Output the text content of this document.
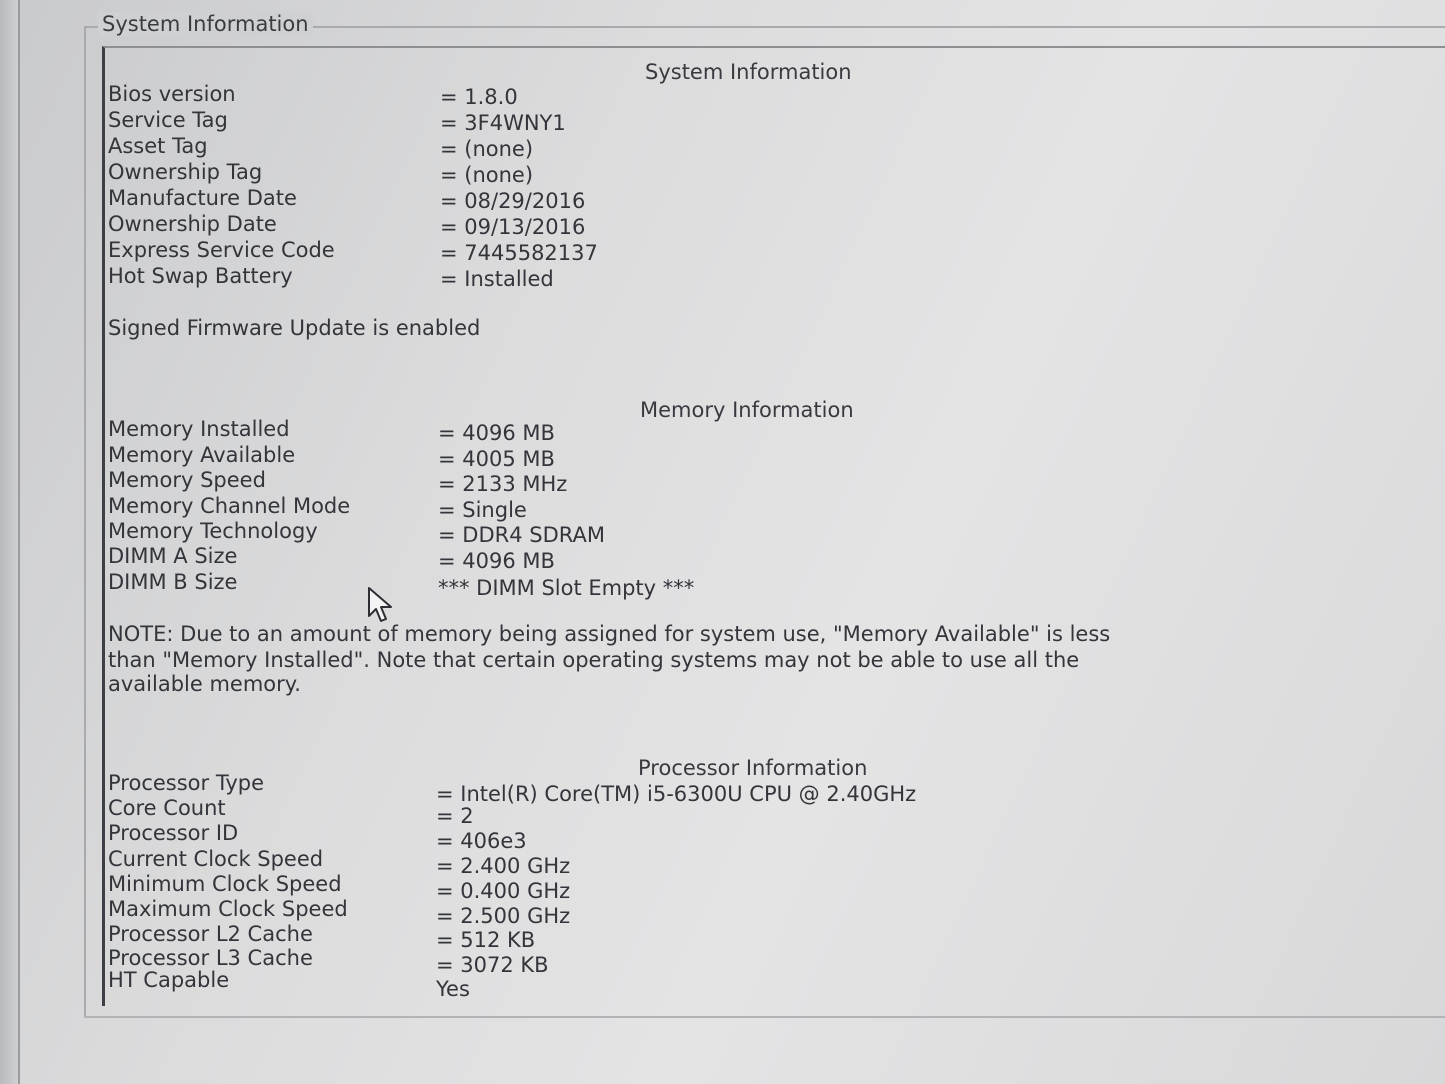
System Information
System Information
Bios version	= 1.8.0
Service Tag	= 3F4WNY1
Asset Tag	= (none)
Ownership Tag	= (none)
Manufacture Date	= 08/29/2016
Ownership Date	= 09/13/2016
Express Service Code	= 7445582137
Hot Swap Battery	= Installed
Signed Firmware Update is enabled
Memory Information
Memory Installed	= 4096 MB
Memory Available	= 4005 MB
Memory Speed	= 2133 MHz
Memory Channel Mode	= Single
Memory Technology	= DDR4 SDRAM
DIMM A Size	= 4096 MB
DIMM B Size	*** DIMM Slot Empty ***
NOTE: Due to an amount of memory being assigned for system use, "Memory Available" is less
than "Memory Installed". Note that certain operating systems may not be able to use all the
available memory.
Processor Information
Processor Type	= Intel(R) Core(TM) i5-6300U CPU @ 2.40GHz
Core Count	= 2
Processor ID	= 406e3
Current Clock Speed	= 2.400 GHz
Minimum Clock Speed	= 0.400 GHz
Maximum Clock Speed	= 2.500 GHz
Processor L2 Cache	= 512 KB
Processor L3 Cache	= 3072 KB
HT Capable	Yes
